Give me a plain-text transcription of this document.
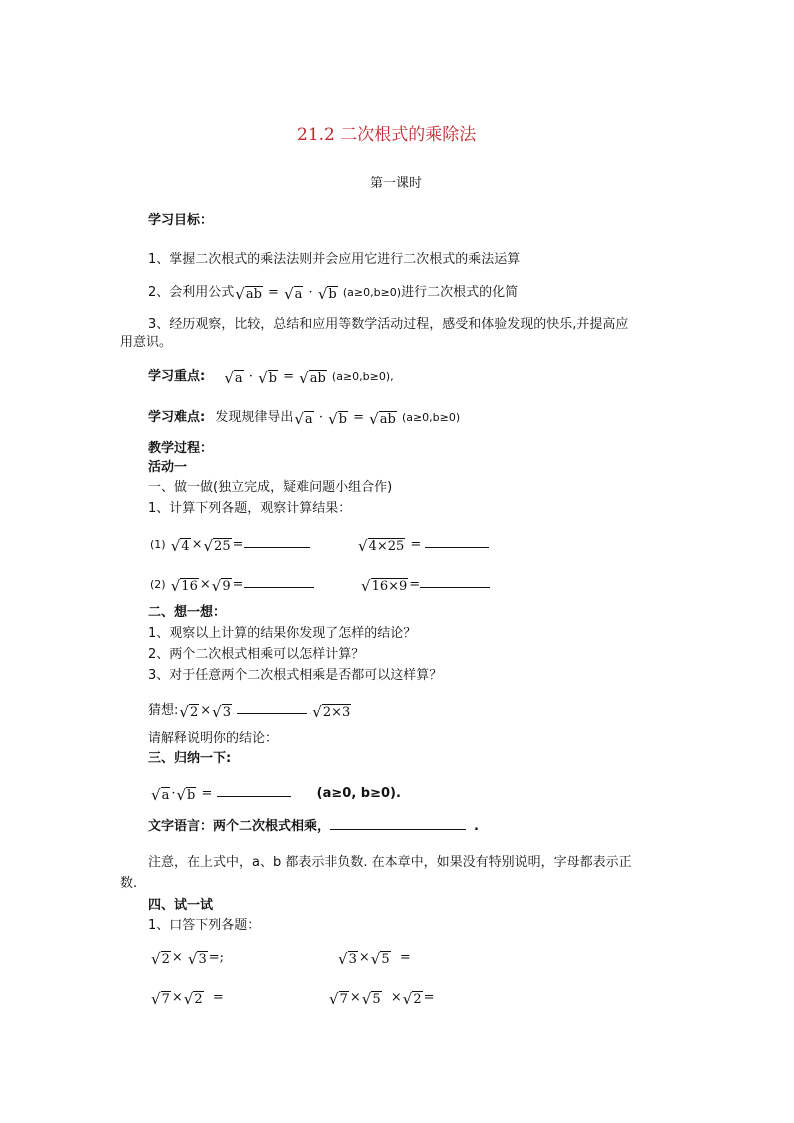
21.2 二次根式的乘除法
第一课时
学习目标：
1、掌握二次根式的乘法法则并会应用它进行二次根式的乘法运算
2、会利用公式 √ ab = √ a · √ b (a≥0,b≥0)进行二次根式的化简
3、经历观察，比较，总结和应用等数学活动过程，感受和体验发现的快乐,并提高应
用意识。
学习重点: √ a · √ b = √ ab (a≥0,b≥0),
学习难点: 发现规律导出 √ a · √ b = √ ab (a≥0,b≥0)
教学过程：
活动一
一、做一做(独立完成，疑难问题小组合作)
1、计算下列各题，观察计算结果：
(1) √ 4 × √ 25 =	√ 4×25 =
(2) √ 16 × √ 9 =	√ 16×9 =
二、想一想：
1、观察以上计算的结果你发现了怎样的结论？
2、两个二次根式相乘可以怎样计算？
3、对于任意两个二次根式相乘是否都可以这样算？
猜想: √ 2 × √ 3
	√ 2×3
请解释说明你的结论：
三、归纳一下:
√ a · √ b =	(a≥0, b≥0).
文字语言：两个二次根式相乘，	.
注意，在上式中，a、b 都表示非负数. 在本章中，如果没有特别说明，字母都表示正
数.
四、试一试
1、口答下列各题：
√ 2 × √ 3 =;	√ 3 × √ 5 =
√ 7 × √ 2 =	√ 7 × √ 5 × √ 2 =
